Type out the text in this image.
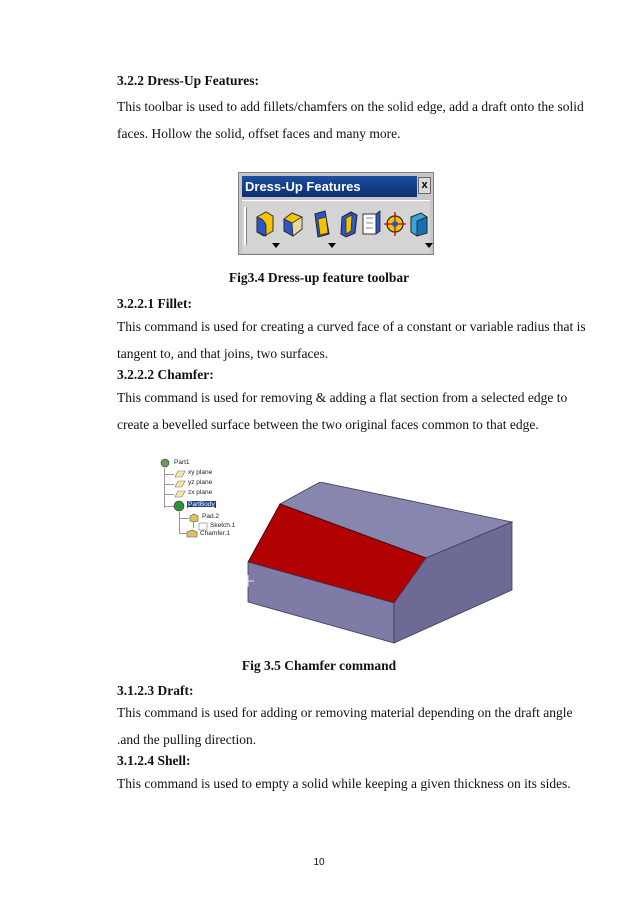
3.2.2 Dress-Up Features:
This toolbar is used to add fillets/chamfers on the solid edge, add a draft onto the solid
faces. Hollow the solid, offset faces and many more.
Dress-Up Features	x
Fig3.4 Dress-up feature toolbar
3.2.2.1 Fillet:
This command is used for creating a curved face of a constant or variable radius that is
tangent to, and that joins, two surfaces.
3.2.2.2 Chamfer:
This command is used for removing & adding a flat section from a selected edge to
create a bevelled surface between the two original faces common to that edge.
Part1
xy plane
yz plane
zx plane
PartBody
Pad.2
Sketch.1
Chamfer.1
Fig 3.5 Chamfer command
3.1.2.3 Draft:
This command is used for adding or removing material depending on the draft angle
.and the pulling direction.
3.1.2.4 Shell:
This command is used to empty a solid while keeping a given thickness on its sides.
10
